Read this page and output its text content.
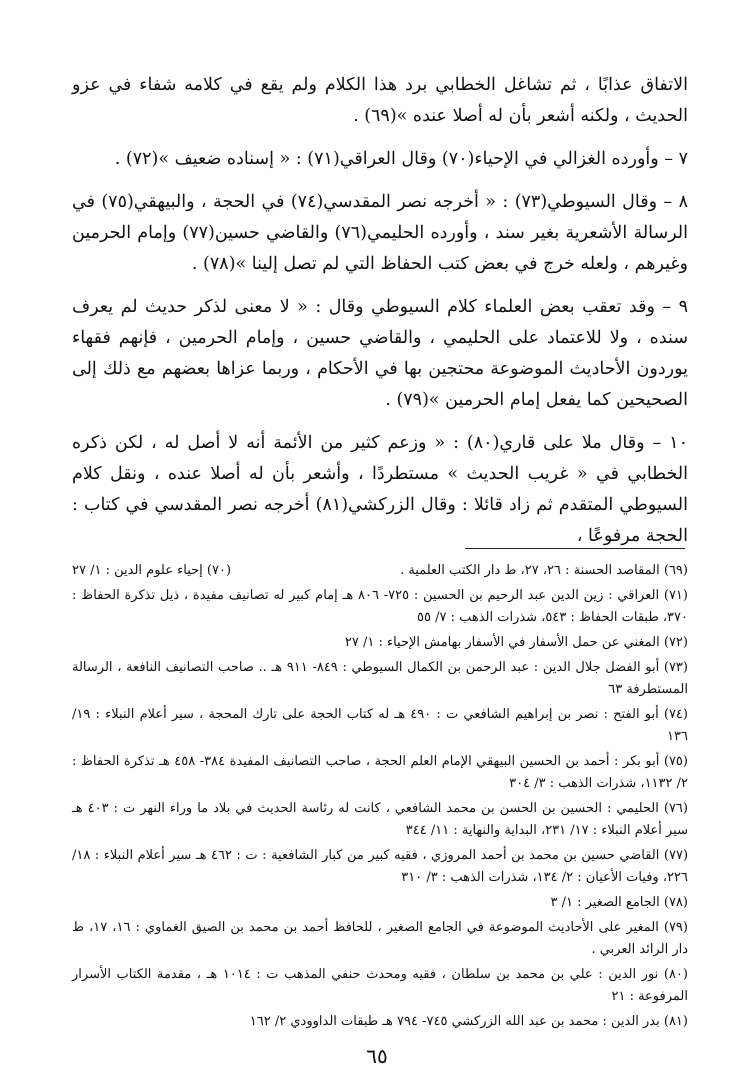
الاتفاق عذابًا ، ثم تشاغل الخطابي برد هذا الكلام ولم يقع في كلامه شفاء في عزو الحديث ، ولكنه أشعر بأن له أصلا عنده »(٦٩) .

٧ – وأورده الغزالي في الإحياء(٧٠) وقال العراقي(٧١) : « إسناده ضعيف »(٧٢) .

٨ – وقال السيوطي(٧٣) : « أخرجه نصر المقدسي(٧٤) في الحجة ، والبيهقي(٧٥) في الرسالة الأشعرية بغير سند ، وأورده الحليمي(٧٦) والقاضي حسين(٧٧) وإمام الحرمين وغيرهم ، ولعله خرج في بعض كتب الحفاظ التي لم تصل إلينا »(٧٨) .

٩ – وقد تعقب بعض العلماء كلام السيوطي وقال : « لا معنى لذكر حديث لم يعرف سنده ، ولا للاعتماد على الحليمي ، والقاضي حسين ، وإمام الحرمين ، فإنهم فقهاء يوردون الأحاديث الموضوعة محتجين بها في الأحكام ، وربما عزاها بعضهم مع ذلك إلى الصحيحين كما يفعل إمام الحرمين »(٧٩) .

١٠ – وقال ملا على قاري(٨٠) : « وزعم كثير من الأئمة أنه لا أصل له ، لكن ذكره الخطابي في « غريب الحديث » مستطردًا ، وأشعر بأن له أصلا عنده ، ونقل كلام السيوطي المتقدم ثم زاد قائلا : وقال الزركشي(٨١) أخرجه نصر المقدسي في كتاب : الحجة مرفوعًا ،

(٦٩) المقاصد الحسنة : ٢٦، ٢٧، ط دار الكتب العلمية .
(٧٠) إحياء علوم الدين : ١/ ٢٧

(٧١) العراقي : زين الدين عبد الرحيم بن الحسين : ٧٢٥- ٨٠٦ هـ إمام كبير له تصانيف مفيدة ، ذيل تذكرة الحفاظ : ٣٧٠، طبقات الحفاظ : ٥٤٣، شذرات الذهب : ٧/ ٥٥

(٧٢) المغني عن حمل الأسفار في الأسفار بهامش الإحياء : ١/ ٢٧

(٧٣) أبو الفضل جلال الدين : عبد الرحمن بن الكمال السيوطي : ٨٤٩- ٩١١ هـ .. صاحب التصانيف النافعة ، الرسالة المستطرفة ٦٣

(٧٤) أبو الفتح : نصر بن إبراهيم الشافعي ت : ٤٩٠ هـ له كتاب الحجة على تارك المحجة ، سير أعلام النبلاء : ١٩/ ١٣٦

(٧٥) أبو بكر : أحمد بن الحسين البيهقي الإمام العلم الحجة ، صاحب التصانيف المفيدة ٣٨٤- ٤٥٨ هـ تذكرة الحفاظ : ٢/ ١١٣٢، شذرات الذهب : ٣/ ٣٠٤

(٧٦) الحليمي : الحسين بن الحسن بن محمد الشافعي ، كانت له رئاسة الحديث في بلاد ما وراء النهر ت : ٤٠٣ هـ سير أعلام النبلاء : ١٧/ ٢٣١، البداية والنهاية : ١١/ ٣٤٤

(٧٧) القاضي حسين بن محمد بن أحمد المروزي ، فقيه كبير من كبار الشافعية : ت : ٤٦٢ هـ سير أعلام النبلاء : ١٨/ ٢٢٦، وفيات الأعيان : ٢/ ١٣٤، شذرات الذهب : ٣/ ٣١٠

(٧٨) الجامع الصغير : ١/ ٣

(٧٩) المغير على الأحاديث الموضوعة في الجامع الصغير ، للحافظ أحمد بن محمد بن الصيق الغماوي : ١٦، ١٧، ط دار الرائد العربي .

(٨٠) نور الدين : علي بن محمد بن سلطان ، فقيه ومحدث حنفي المذهب ت : ١٠١٤ هـ ، مقدمة الكتاب الأسرار المرفوعة : ٢١

(٨١) بدر الدين : محمد بن عبد الله الزركشي ٧٤٥- ٧٩٤ هـ طبقات الداوودي ٢/ ١٦٢

٦٥
